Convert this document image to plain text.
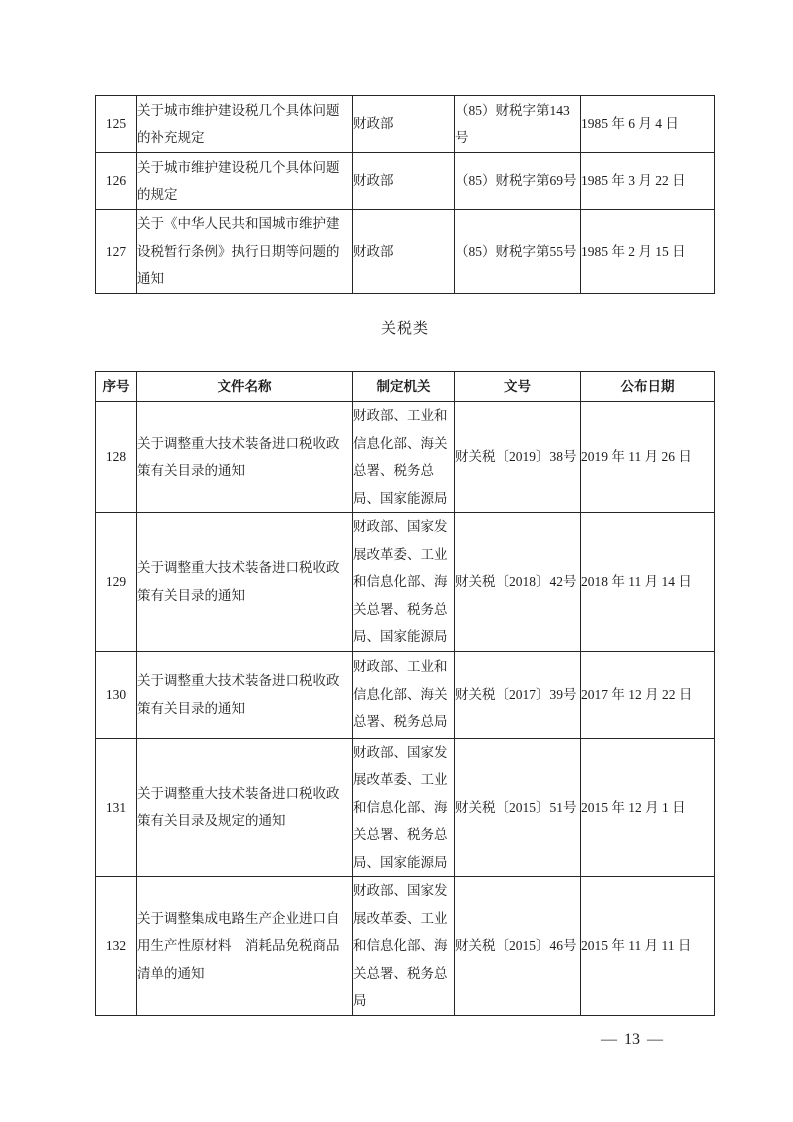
125	关于城市维护建设税几个具体问题的补充规定	财政部	（85）财税字第143号	1985 年 6 月 4 日
126	关于城市维护建设税几个具体问题的规定	财政部	（85）财税字第69号	1985 年 3 月 22 日
127	关于《中华人民共和国城市维护建设税暂行条例》执行日期等问题的通知	财政部	（85）财税字第55号	1985 年 2 月 15 日
关税类
序号	文件名称	制定机关	文号	公布日期
128	关于调整重大技术装备进口税收政策有关目录的通知	财政部、工业和信息化部、海关总署、税务总局、国家能源局	财关税〔2019〕38号	2019 年 11 月 26 日
129	关于调整重大技术装备进口税收政策有关目录的通知	财政部、国家发展改革委、工业和信息化部、海关总署、税务总局、国家能源局	财关税〔2018〕42号	2018 年 11 月 14 日
130	关于调整重大技术装备进口税收政策有关目录的通知	财政部、工业和信息化部、海关总署、税务总局	财关税〔2017〕39号	2017 年 12 月 22 日
131	关于调整重大技术装备进口税收政策有关目录及规定的通知	财政部、国家发展改革委、工业和信息化部、海关总署、税务总局、国家能源局	财关税〔2015〕51号	2015 年 12 月 1 日
132	关于调整集成电路生产企业进口自用生产性原材料　消耗品免税商品清单的通知	财政部、国家发展改革委、工业和信息化部、海关总署、税务总局	财关税〔2015〕46号	2015 年 11 月 11 日
— 13 —
